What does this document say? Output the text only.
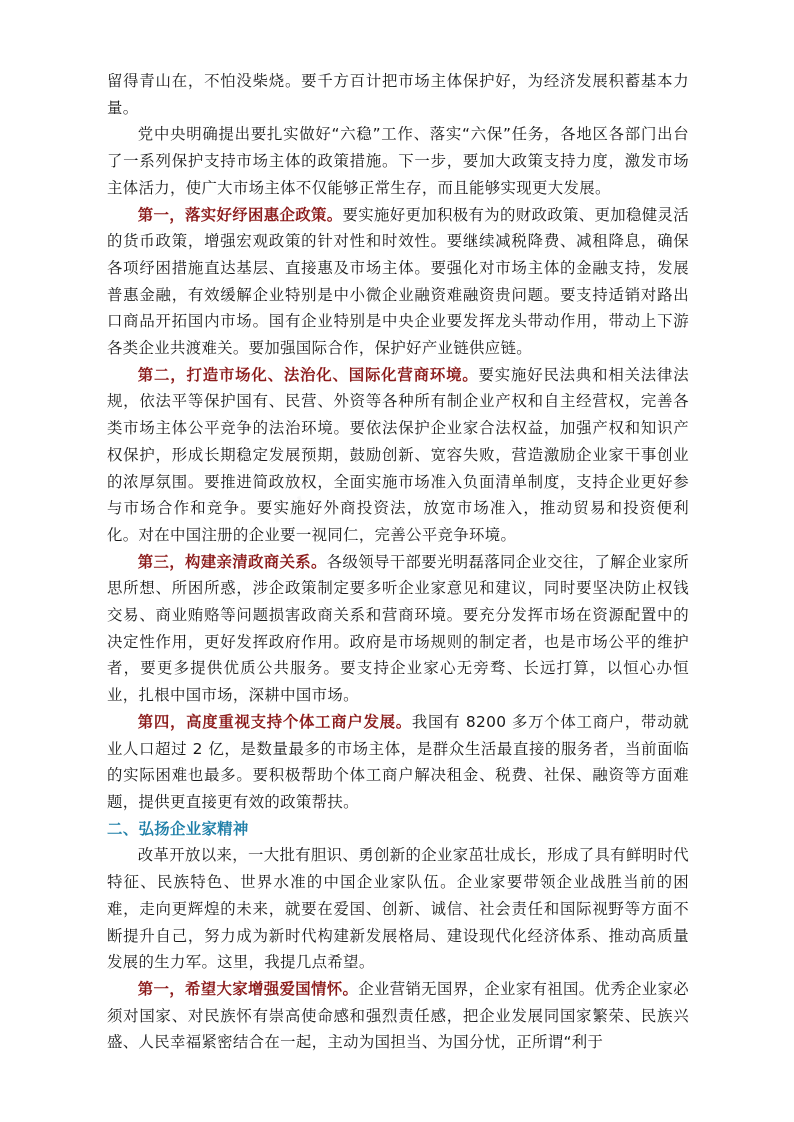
~

留得青山在，不怕没柴烧。要千方百计把市场主体保护好，为经济发展积蓄基本力量。

党中央明确提出要扎实做好“六稳”工作、落实“六保”任务，各地区各部门出台了一系列保护支持市场主体的政策措施。下一步，要加大政策支持力度，激发市场主体活力，使广大市场主体不仅能够正常生存，而且能够实现更大发展。

第一，落实好纾困惠企政策。要实施好更加积极有为的财政政策、更加稳健灵活的货币政策，增强宏观政策的针对性和时效性。要继续减税降费、减租降息，确保各项纾困措施直达基层、直接惠及市场主体。要强化对市场主体的金融支持，发展普惠金融，有效缓解企业特别是中小微企业融资难融资贵问题。要支持适销对路出口商品开拓国内市场。国有企业特别是中央企业要发挥龙头带动作用，带动上下游各类企业共渡难关。要加强国际合作，保护好产业链供应链。

第二，打造市场化、法治化、国际化营商环境。要实施好民法典和相关法律法规，依法平等保护国有、民营、外资等各种所有制企业产权和自主经营权，完善各类市场主体公平竞争的法治环境。要依法保护企业家合法权益，加强产权和知识产权保护，形成长期稳定发展预期，鼓励创新、宽容失败，营造激励企业家干事创业的浓厚氛围。要推进简政放权，全面实施市场准入负面清单制度，支持企业更好参与市场合作和竞争。要实施好外商投资法，放宽市场准入，推动贸易和投资便利化。对在中国注册的企业要一视同仁，完善公平竞争环境。

第三，构建亲清政商关系。各级领导干部要光明磊落同企业交往，了解企业家所思所想、所困所惑，涉企政策制定要多听企业家意见和建议，同时要坚决防止权钱交易、商业贿赂等问题损害政商关系和营商环境。要充分发挥市场在资源配置中的决定性作用，更好发挥政府作用。政府是市场规则的制定者，也是市场公平的维护者，要更多提供优质公共服务。要支持企业家心无旁骛、长远打算，以恒心办恒业，扎根中国市场，深耕中国市场。

第四，高度重视支持个体工商户发展。我国有 8200 多万个体工商户，带动就业人口超过 2 亿，是数量最多的市场主体，是群众生活最直接的服务者，当前面临的实际困难也最多。要积极帮助个体工商户解决租金、税费、社保、融资等方面难题，提供更直接更有效的政策帮扶。

二、弘扬企业家精神

改革开放以来，一大批有胆识、勇创新的企业家茁壮成长，形成了具有鲜明时代特征、民族特色、世界水准的中国企业家队伍。企业家要带领企业战胜当前的困难，走向更辉煌的未来，就要在爱国、创新、诚信、社会责任和国际视野等方面不断提升自己，努力成为新时代构建新发展格局、建设现代化经济体系、推动高质量发展的生力军。这里，我提几点希望。

第一，希望大家增强爱国情怀。企业营销无国界，企业家有祖国。优秀企业家必须对国家、对民族怀有崇高使命感和强烈责任感，把企业发展同国家繁荣、民族兴盛、人民幸福紧密结合在一起，主动为国担当、为国分忧，正所谓“利于
